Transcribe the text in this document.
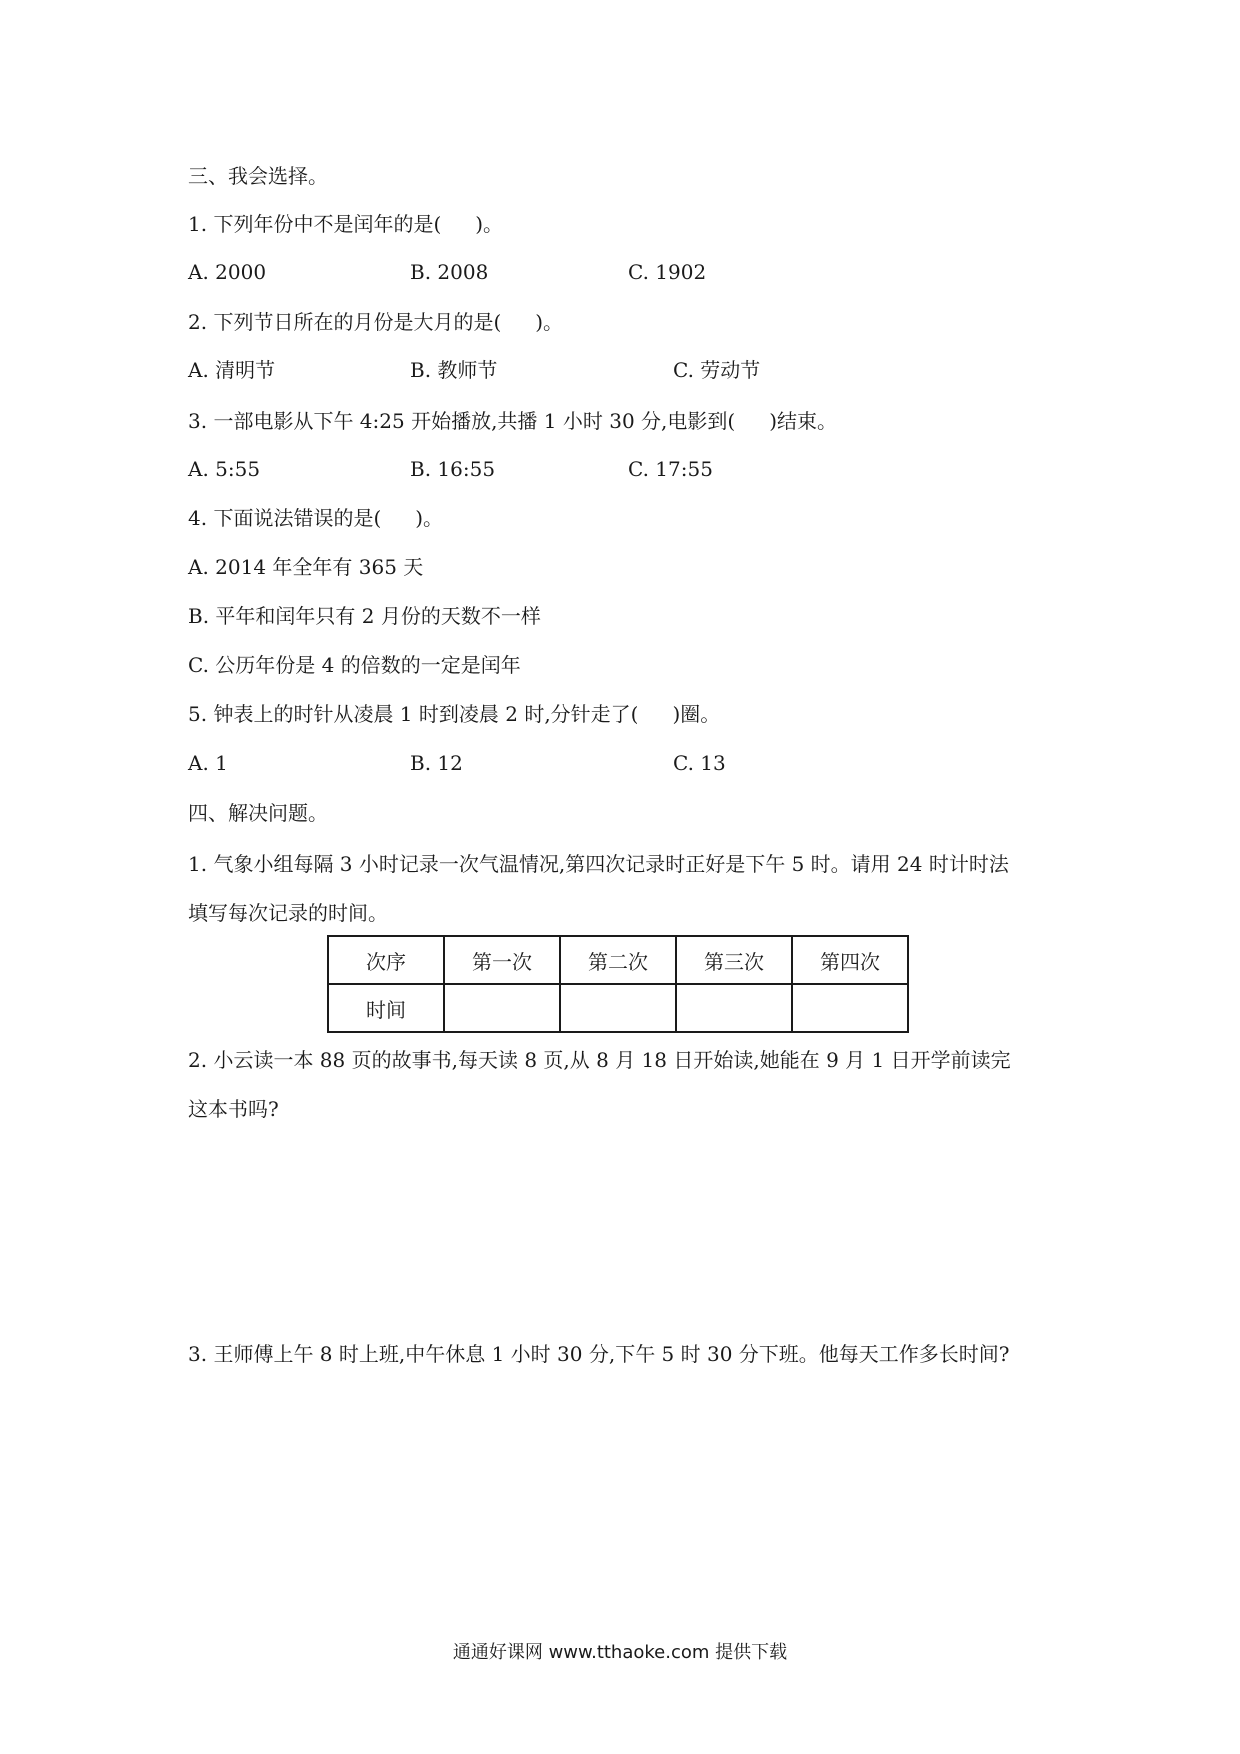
三、我会选择。
1. 下列年份中不是闰年的是( )。
A. 2000	B. 2008	C. 1902
2. 下列节日所在的月份是大月的是( )。
A. 清明节	B. 教师节	C. 劳动节
3. 一部电影从下午 4:25 开始播放,共播 1 小时 30 分,电影到( )结束。
A. 5:55	B. 16:55	C. 17:55
4. 下面说法错误的是( )。
A. 2014 年全年有 365 天
B. 平年和闰年只有 2 月份的天数不一样
C. 公历年份是 4 的倍数的一定是闰年
5. 钟表上的时针从凌晨 1 时到凌晨 2 时,分针走了( )圈。
A. 1	B. 12	C. 13
四、解决问题。
1. 气象小组每隔 3 小时记录一次气温情况,第四次记录时正好是下午 5 时。请用 24 时计时法
填写每次记录的时间。
次序	第一次	第二次	第三次	第四次
时间				
2. 小云读一本 88 页的故事书,每天读 8 页,从 8 月 18 日开始读,她能在 9 月 1 日开学前读完
这本书吗?
3. 王师傅上午 8 时上班,中午休息 1 小时 30 分,下午 5 时 30 分下班。他每天工作多长时间?
通通好课网 www.tthaoke.com 提供下载
